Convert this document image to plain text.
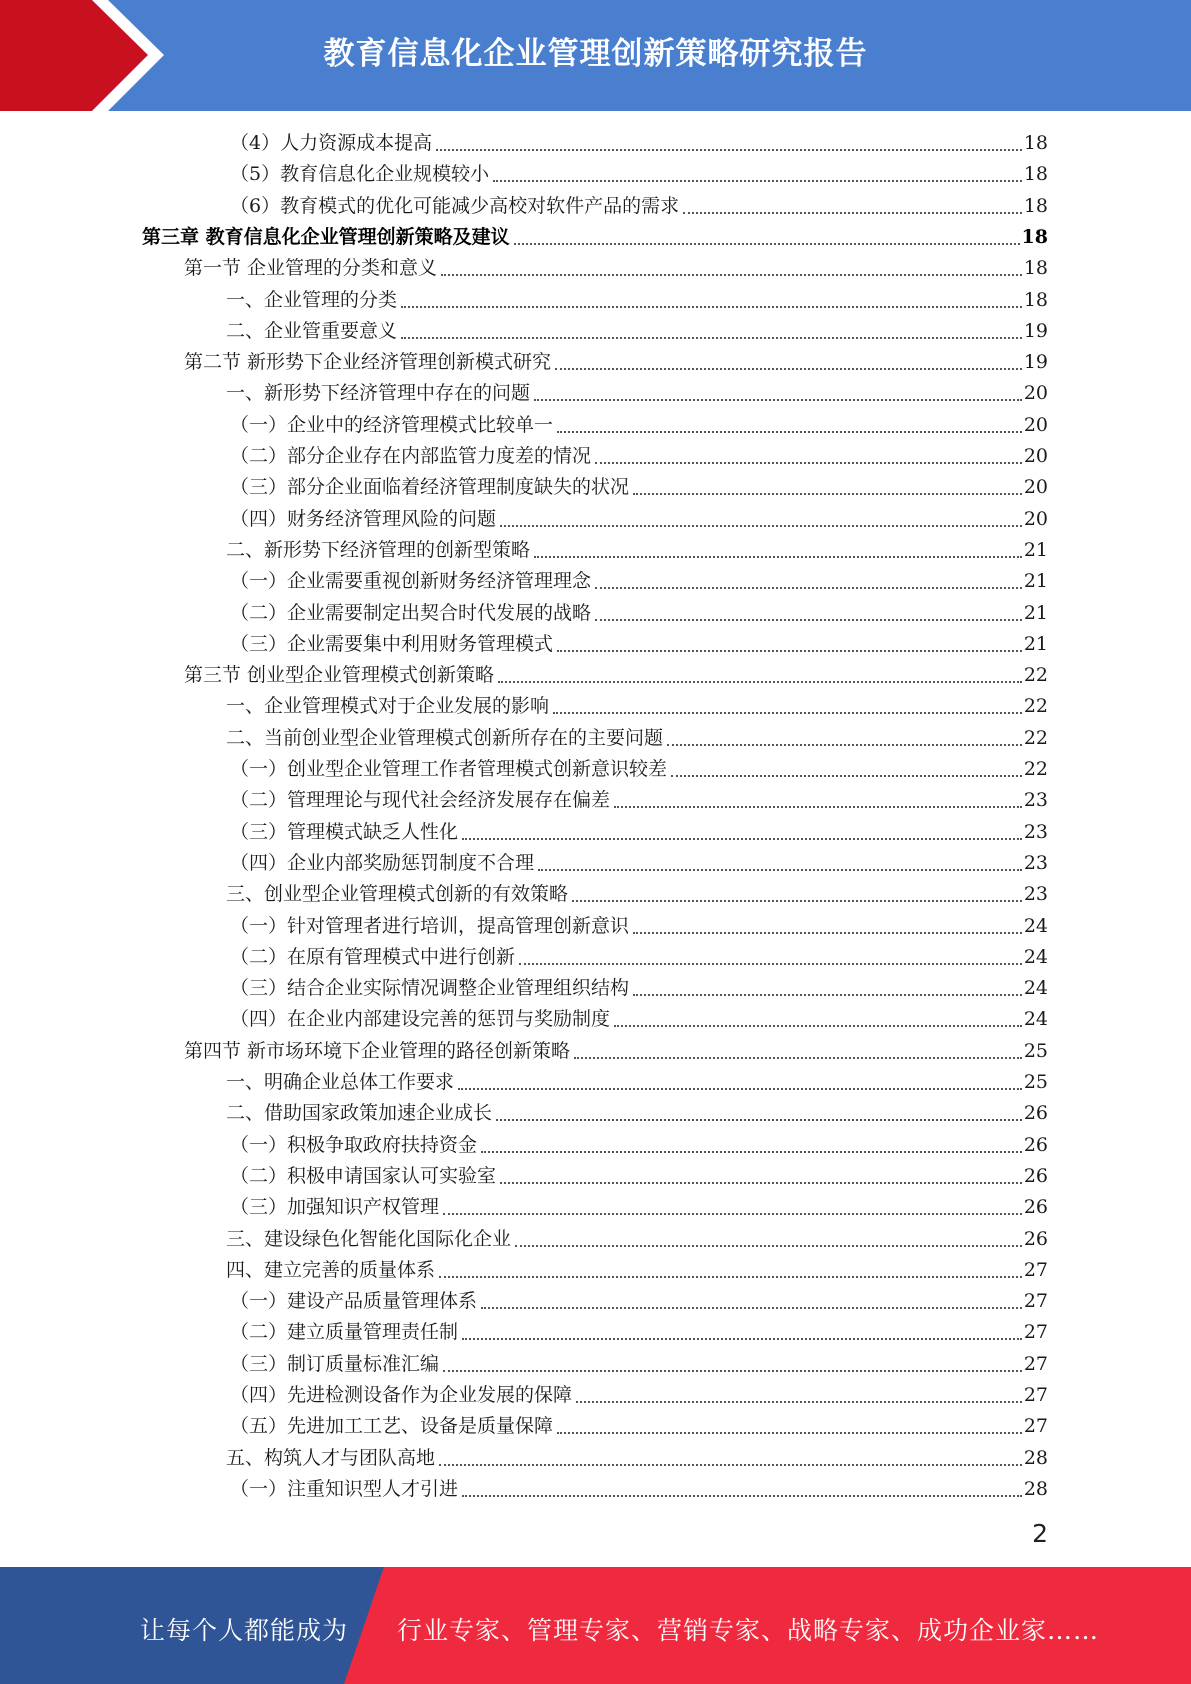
教育信息化企业管理创新策略研究报告
（4）人力资源成本提高	18
（5）教育信息化企业规模较小	18
（6）教育模式的优化可能减少高校对软件产品的需求	18
第三章 教育信息化企业管理创新策略及建议	18
第一节 企业管理的分类和意义	18
一、企业管理的分类	18
二、企业管重要意义	19
第二节 新形势下企业经济管理创新模式研究	19
一、新形势下经济管理中存在的问题	20
（一）企业中的经济管理模式比较单一	20
（二）部分企业存在内部监管力度差的情况	20
（三）部分企业面临着经济管理制度缺失的状况	20
（四）财务经济管理风险的问题	20
二、新形势下经济管理的创新型策略	21
（一）企业需要重视创新财务经济管理理念	21
（二）企业需要制定出契合时代发展的战略	21
（三）企业需要集中利用财务管理模式	21
第三节 创业型企业管理模式创新策略	22
一、企业管理模式对于企业发展的影响	22
二、当前创业型企业管理模式创新所存在的主要问题	22
（一）创业型企业管理工作者管理模式创新意识较差	22
（二）管理理论与现代社会经济发展存在偏差	23
（三）管理模式缺乏人性化	23
（四）企业内部奖励惩罚制度不合理	23
三、创业型企业管理模式创新的有效策略	23
（一）针对管理者进行培训，提高管理创新意识	24
（二）在原有管理模式中进行创新	24
（三）结合企业实际情况调整企业管理组织结构	24
（四）在企业内部建设完善的惩罚与奖励制度	24
第四节 新市场环境下企业管理的路径创新策略	25
一、明确企业总体工作要求	25
二、借助国家政策加速企业成长	26
（一）积极争取政府扶持资金	26
（二）积极申请国家认可实验室	26
（三）加强知识产权管理	26
三、建设绿色化智能化国际化企业	26
四、建立完善的质量体系	27
（一）建设产品质量管理体系	27
（二）建立质量管理责任制	27
（三）制订质量标准汇编	27
（四）先进检测设备作为企业发展的保障	27
（五）先进加工工艺、设备是质量保障	27
五、构筑人才与团队高地	28
（一）注重知识型人才引进	28
2
让每个人都能成为 行业专家、管理专家、营销专家、战略专家、成功企业家……
